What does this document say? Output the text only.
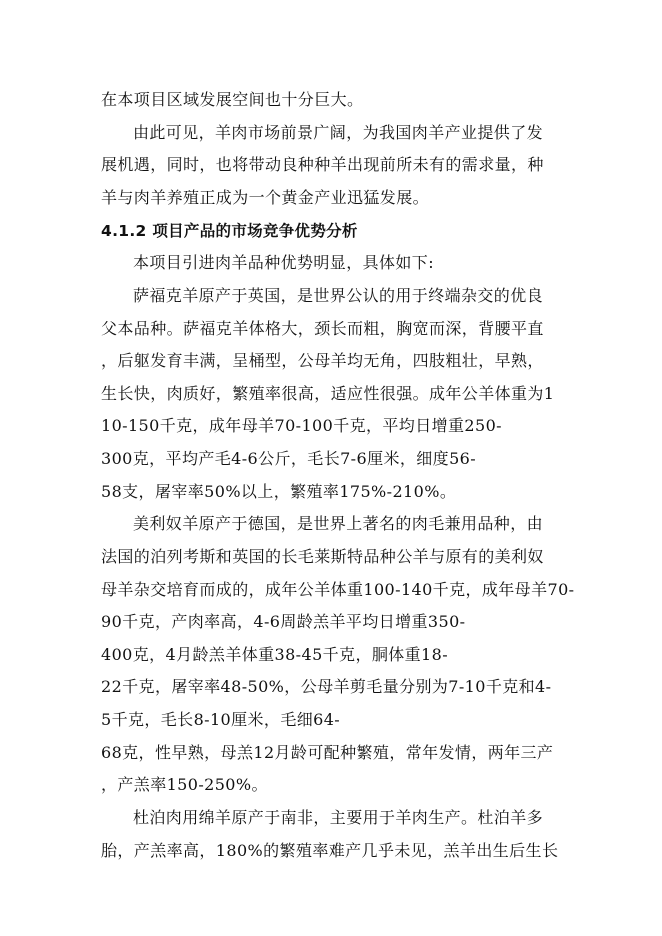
在本项目区域发展空间也十分巨大。
由此可见，羊肉市场前景广阔，为我国肉羊产业提供了发
展机遇，同时，也将带动良种种羊出现前所未有的需求量，种
羊与肉羊养殖正成为一个黄金产业迅猛发展。
4.1.2 项目产品的市场竞争优势分析
本项目引进肉羊品种优势明显，具体如下:
萨福克羊原产于英国，是世界公认的用于终端杂交的优良
父本品种。萨福克羊体格大，颈长而粗，胸宽而深，背腰平直
，后躯发育丰满，呈桶型，公母羊均无角，四肢粗壮，早熟，
生长快，肉质好，繁殖率很高，适应性很强。成年公羊体重为1
10-150千克，成年母羊70-100千克，平均日增重250-
300克，平均产毛4-6公斤，毛长7-6厘米，细度56-
58支，屠宰率50%以上，繁殖率175%-210%。
美利奴羊原产于德国，是世界上著名的肉毛兼用品种，由
法国的泊列考斯和英国的长毛莱斯特品种公羊与原有的美利奴
母羊杂交培育而成的，成年公羊体重100-140千克，成年母羊70-
90千克，产肉率高，4-6周龄羔羊平均日增重350-
400克，4月龄羔羊体重38-45千克，胴体重18-
22千克，屠宰率48-50%，公母羊剪毛量分别为7-10千克和4-
5千克，毛长8-10厘米，毛细64-
68克，性早熟，母羔12月龄可配种繁殖，常年发情，两年三产
，产羔率150-250%。
杜泊肉用绵羊原产于南非，主要用于羊肉生产。杜泊羊多
胎，产羔率高，180%的繁殖率难产几乎未见，羔羊出生后生长
